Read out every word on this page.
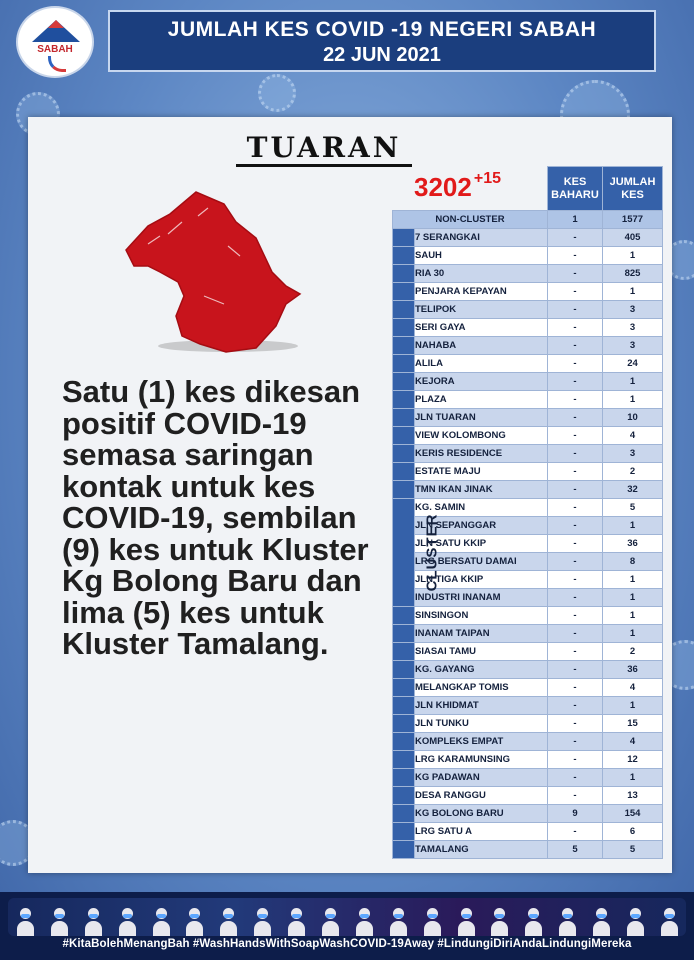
SABAH
JUMLAH KES COVID -19 NEGERI SABAH
22 JUN 2021
TUARAN
Satu (1) kes dikesan positif COVID-19 semasa saringan kontak untuk kes COVID-19, sembilan (9) kes untuk Kluster Kg Bolong Baru dan lima (5) kes untuk Kluster Tamalang.
3202 +15
			KES BAHARU	JUMLAH KES
NON-CLUSTER		1	1577
	7 SERANGKAI	-	405
	SAUH	-	1
	RIA 30	-	825
	PENJARA KEPAYAN	-	1
	TELIPOK	-	3
	SERI GAYA	-	3
	NAHABA	-	3
	ALILA	-	24
	KEJORA	-	1
	PLAZA	-	1
	JLN TUARAN	-	10
	VIEW KOLOMBONG	-	4
	KERIS RESIDENCE	-	3
	ESTATE MAJU	-	2
	TMN IKAN JINAK	-	32
CLUSTER	KG. SAMIN	-	5
	JLN SEPANGGAR	-	1
	JLN SATU KKIP	-	36
	LRG BERSATU DAMAI	-	8
	JLN TIGA KKIP	-	1
	INDUSTRI INANAM	-	1
	SINSINGON	-	1
	INANAM TAIPAN	-	1
	SIASAI TAMU	-	2
	KG. GAYANG	-	36
	MELANGKAP TOMIS	-	4
	JLN KHIDMAT	-	1
	JLN TUNKU	-	15
	KOMPLEKS EMPAT	-	4
	LRG KARAMUNSING	-	12
	KG PADAWAN	-	1
	DESA RANGGU	-	13
	KG BOLONG BARU	9	154
	LRG SATU A	-	6
	TAMALANG	5	5
#KitaBolehMenangBah #WashHandsWithSoapWashCOVID-19Away #LindungiDiriAndaLindungiMereka
